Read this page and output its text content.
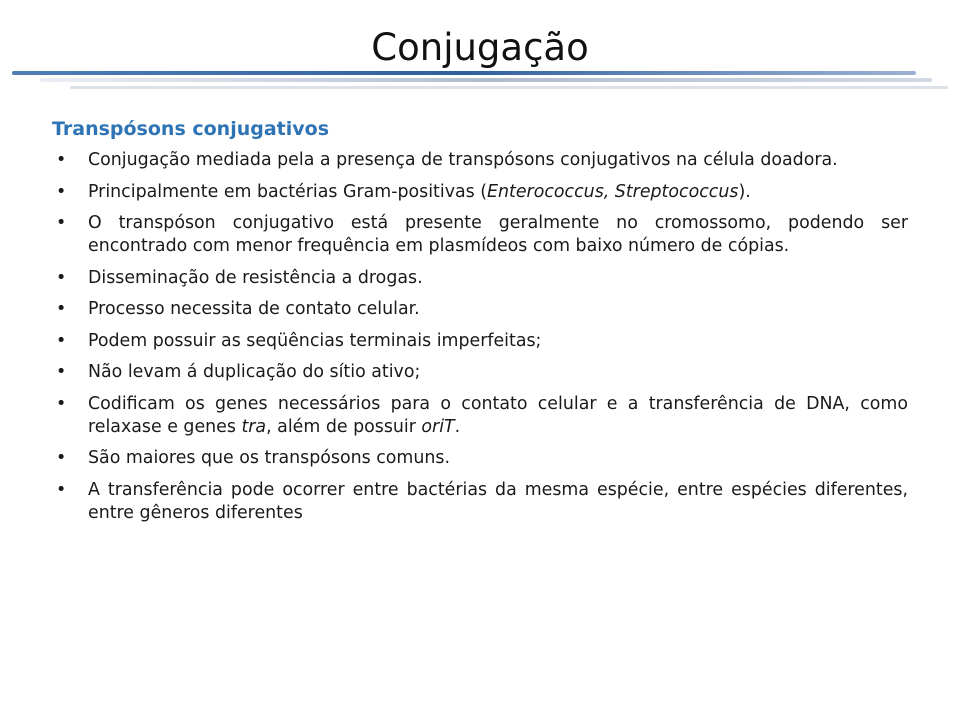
Conjugação
Transpósons conjugativos
• Conjugação mediada pela a presença de transpósons conjugativos na célula doadora.
• Principalmente em bactérias Gram-positivas (Enterococcus, Streptococcus).
• O transpóson conjugativo está presente geralmente no cromossomo, podendo ser encontrado com menor frequência em plasmídeos com baixo número de cópias.
• Disseminação de resistência a drogas.
• Processo necessita de contato celular.
• Podem possuir as seqüências terminais imperfeitas;
• Não levam á duplicação do sítio ativo;
• Codificam os genes necessários para o contato celular e a transferência de DNA, como relaxase e genes tra, além de possuir oriT.
• São maiores que os transpósons comuns.
• A transferência pode ocorrer entre bactérias da mesma espécie, entre espécies diferentes, entre gêneros diferentes
